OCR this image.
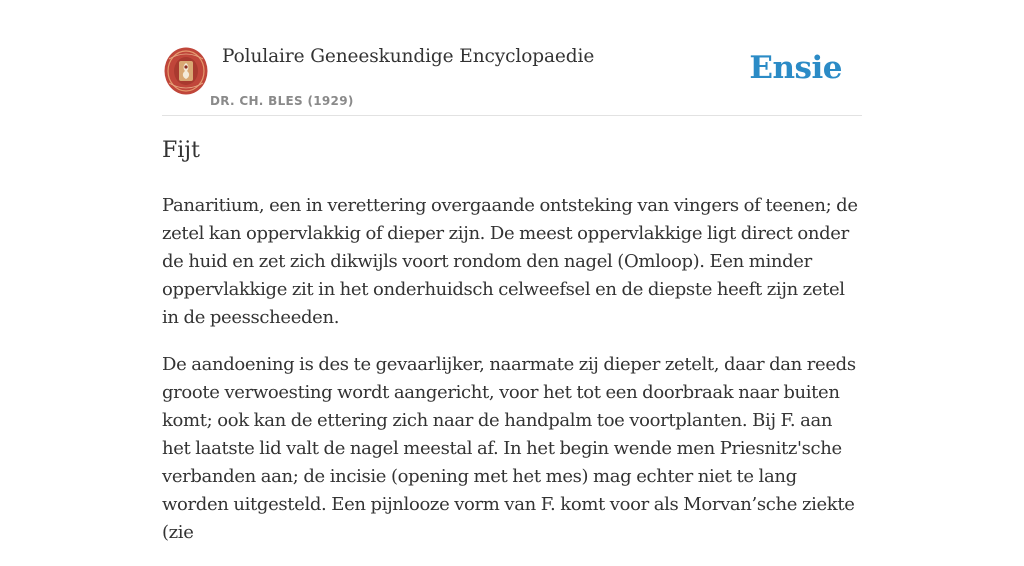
Polulaire Geneeskundige Encyclopaedie
DR. CH. BLES (1929)
Ensie
Fijt

Panaritium, een in verettering overgaande ontsteking van vingers of teenen; de zetel kan oppervlakkig of dieper zijn. De meest oppervlakkige ligt direct onder de huid en zet zich dikwijls voort rondom den nagel (Omloop). Een minder oppervlakkige zit in het onderhuidsch celweefsel en de diepste heeft zijn zetel in de peesscheeden.

De aandoening is des te gevaarlijker, naarmate zij dieper zetelt, daar dan reeds groote verwoesting wordt aangericht, voor het tot een doorbraak naar buiten komt; ook kan de ettering zich naar de handpalm toe voortplanten. Bij F. aan het laatste lid valt de nagel meestal af. In het begin wende men Priesnitz'sche verbanden aan; de incisie (opening met het mes) mag echter niet te lang worden uitgesteld. Een pijnlooze vorm van F. komt voor als Morvan’sche ziekte (zie
